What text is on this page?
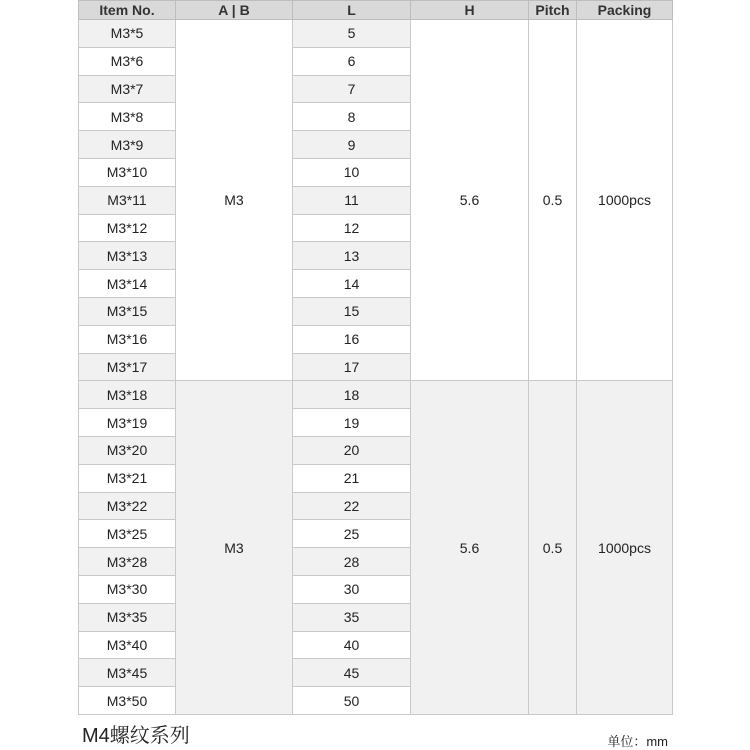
Item No.	A | B	L	H	Pitch	Packing
M3*5	M3	5	5.6	0.5	1000pcs
M3*6		6			
M3*7		7			
M3*8		8			
M3*9		9			
M3*10		10			
M3*11		11			
M3*12		12			
M3*13		13			
M3*14		14			
M3*15		15			
M3*16		16			
M3*17		17			
M3*18	M3	18	5.6	0.5	1000pcs
M3*19		19			
M3*20		20			
M3*21		21			
M3*22		22			
M3*25		25			
M3*28		28			
M3*30		30			
M3*35		35			
M3*40		40			
M3*45		45			
M3*50		50			
M4螺纹系列	单位：mm
